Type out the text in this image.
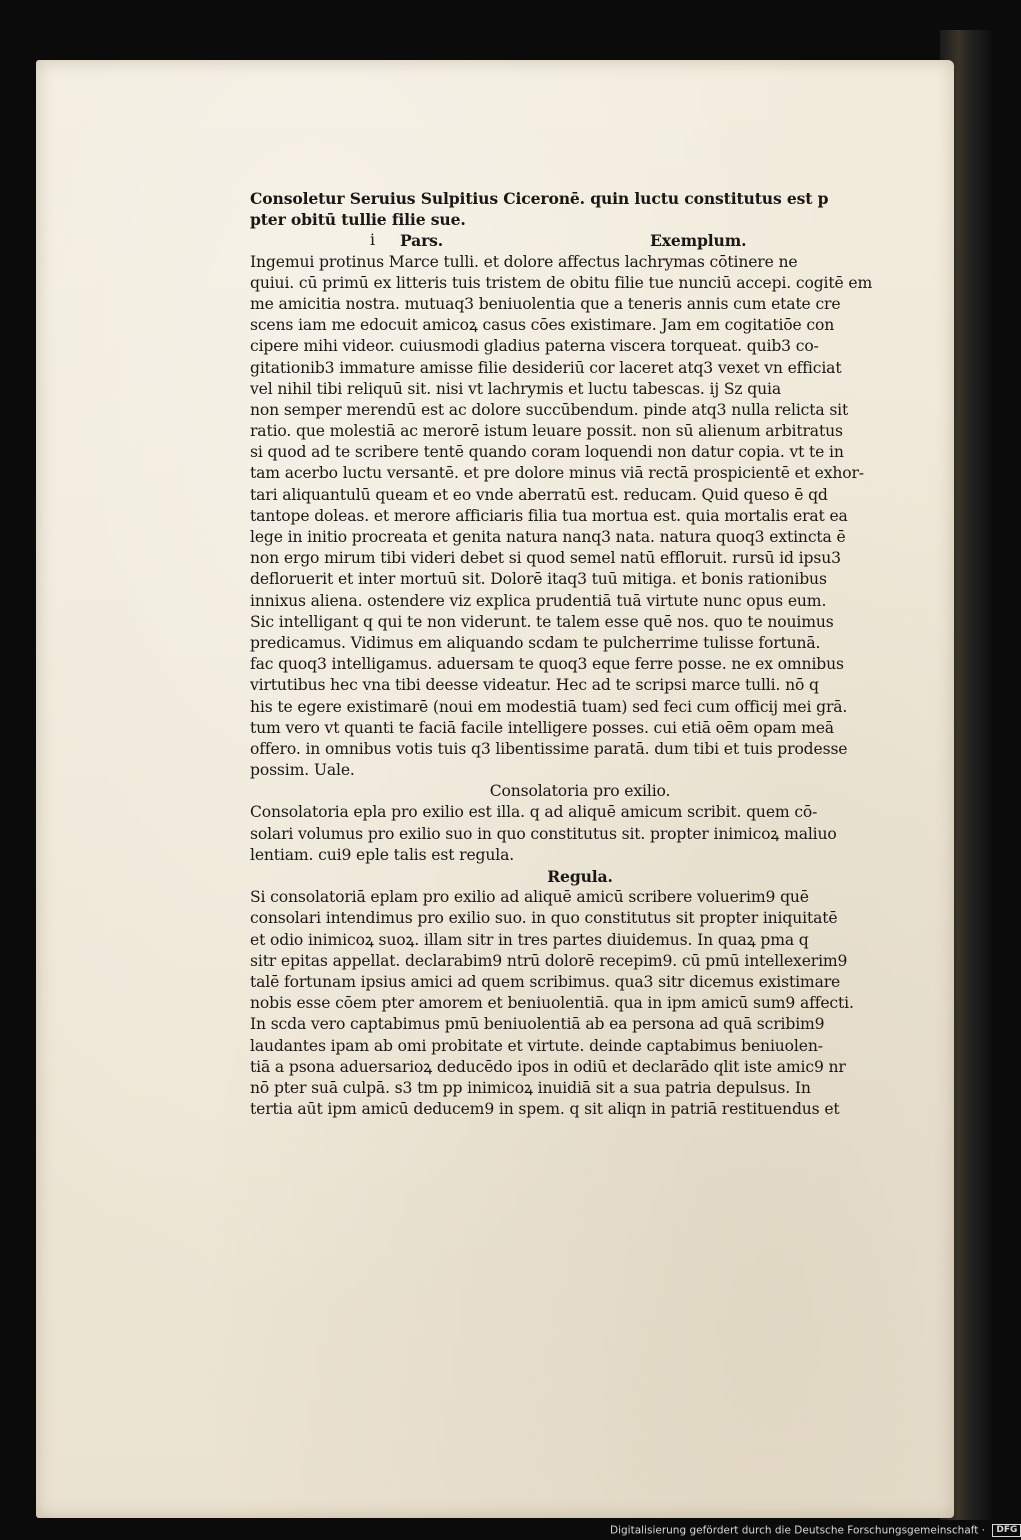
Consoletur Seruius Sulpitius Ciceronē. quin luctu constitutus est p
pter obitū tullie filie sue.
i Pars.	Exemplum.
Ingemui protinus Marce tulli. et dolore affectus lachrymas cōtinere ne
quiui. cū primū ex litteris tuis tristem de obitu filie tue nunciū accepi. cogitē em
me amicitia nostra. mutuaq3 beniuolentia que a teneris annis cum etate cre
scens iam me edocuit amicoꝝ casus cōes existimare. Jam em cogitatiōe con
cipere mihi videor. cuiusmodi gladius paterna viscera torqueat. quib3 co-
gitationib3 immature amisse filie desideriū cor laceret atq3 vexet vn efficiat
vel nihil tibi reliquū sit. nisi vt lachrymis et luctu tabescas. ij Sz quia
non semper merendū est ac dolore succūbendum. pinde atq3 nulla relicta sit
ratio. que molestiā ac merorē istum leuare possit. non sū alienum arbitratus
si quod ad te scribere tentē quando coram loquendi non datur copia. vt te in
tam acerbo luctu versantē. et pre dolore minus viā rectā prospicientē et exhor-
tari aliquantulū queam et eo vnde aberratū est. reducam. Quid queso ē qd
tantope doleas. et merore afficiaris filia tua mortua est. quia mortalis erat ea
lege in initio procreata et genita natura nanq3 nata. natura quoq3 extincta ē
non ergo mirum tibi videri debet si quod semel natū effloruit. rursū id ipsu3
defloruerit et inter mortuū sit. Dolorē itaq3 tuū mitiga. et bonis rationibus
innixus aliena. ostendere viz explica prudentiā tuā virtute nunc opus eum.
Sic intelligant q qui te non viderunt. te talem esse quē nos. quo te nouimus
predicamus. Vidimus em aliquando scdam te pulcherrime tulisse fortunā.
fac quoq3 intelligamus. aduersam te quoq3 eque ferre posse. ne ex omnibus
virtutibus hec vna tibi deesse videatur. Hec ad te scripsi marce tulli. nō q
his te egere existimarē (noui em modestiā tuam) sed feci cum officij mei grā.
tum vero vt quanti te faciā facile intelligere posses. cui etiā oēm opam meā
offero. in omnibus votis tuis q3 libentissime paratā. dum tibi et tuis prodesse
possim. Uale.
Consolatoria pro exilio.
Consolatoria epla pro exilio est illa. q ad aliquē amicum scribit. quem cō-
solari volumus pro exilio suo in quo constitutus sit. propter inimicoꝝ maliuo
lentiam. cui9 eple talis est regula.
Regula.
Si consolatoriā eplam pro exilio ad aliquē amicū scribere voluerim9 quē
consolari intendimus pro exilio suo. in quo constitutus sit propter iniquitatē
et odio inimicoꝝ suoꝝ. illam sitr in tres partes diuidemus. In quaꝝ pma q
sitr epitas appellat. declarabim9 ntrū dolorē recepim9. cū pmū intellexerim9
talē fortunam ipsius amici ad quem scribimus. qua3 sitr dicemus existimare
nobis esse cōem pter amorem et beniuolentiā. qua in ipm amicū sum9 affecti.
In scda vero captabimus pmū beniuolentiā ab ea persona ad quā scribim9
laudantes ipam ab omi probitate et virtute. deinde captabimus beniuolen-
tiā a psona aduersarioꝝ deducēdo ipos in odiū et declarādo qlit iste amic9 nr
nō pter suā culpā. s3 tm pp inimicoꝝ inuidiā sit a sua patria depulsus. In
tertia aūt ipm amicū deducem9 in spem. q sit aliqn in patriā restituendus et
Digitalisierung gefördert durch die Deutsche Forschungsgemeinschaft · DFG
